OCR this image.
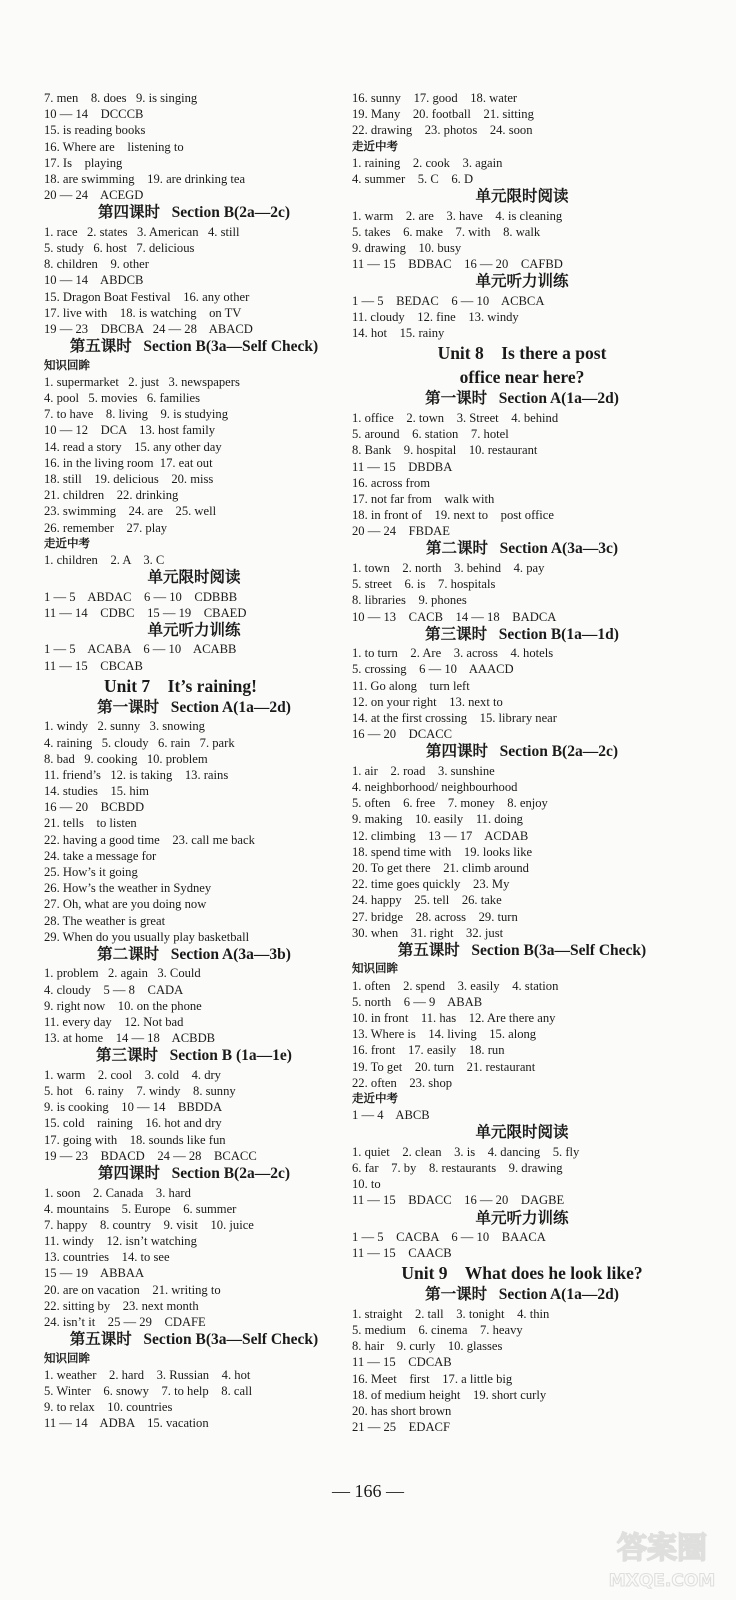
7. men    8. does   9. is singing
10 — 14    DCCCB
15. is reading books
16. Where are    listening to
17. Is    playing
18. are swimming    19. are drinking tea
20 — 24    ACEGD
第四课时   Section B(2a—2c)
1. race   2. states   3. American   4. still
5. study   6. host   7. delicious
8. children    9. other
10 — 14    ABDCB
15. Dragon Boat Festival    16. any other
17. live with    18. is watching    on TV
19 — 23    DBCBA   24 — 28    ABACD
第五课时   Section B(3a—Self Check)
知识回眸
1. supermarket   2. just   3. newspapers
4. pool   5. movies   6. families
7. to have    8. living    9. is studying
10 — 12    DCA    13. host family
14. read a story    15. any other day
16. in the living room  17. eat out
18. still    19. delicious    20. miss
21. children    22. drinking
23. swimming    24. are    25. well
26. remember    27. play
走近中考
1. children    2. A    3. C
单元限时阅读
1 — 5    ABDAC    6 — 10    CDBBB
11 — 14    CDBC    15 — 19    CBAED
单元听力训练
1 — 5    ACABA    6 — 10    ACABB
11 — 15    CBCAB
Unit 7    It’s raining!
第一课时   Section A(1a—2d)
1. windy   2. sunny   3. snowing
4. raining   5. cloudy   6. rain   7. park
8. bad   9. cooking   10. problem
11. friend’s   12. is taking    13. rains
14. studies    15. him
16 — 20    BCBDD
21. tells    to listen
22. having a good time    23. call me back
24. take a message for
25. How’s it going
26. How’s the weather in Sydney
27. Oh, what are you doing now
28. The weather is great
29. When do you usually play basketball
第二课时   Section A(3a—3b)
1. problem   2. again   3. Could
4. cloudy    5 — 8    CADA
9. right now    10. on the phone
11. every day    12. Not bad
13. at home    14 — 18    ACBDB
第三课时   Section B (1a—1e)
1. warm    2. cool    3. cold    4. dry
5. hot    6. rainy    7. windy    8. sunny
9. is cooking    10 — 14    BBDDA
15. cold    raining    16. hot and dry
17. going with    18. sounds like fun
19 — 23    BDACD    24 — 28    BCACC
第四课时   Section B(2a—2c)
1. soon    2. Canada    3. hard
4. mountains    5. Europe    6. summer
7. happy    8. country    9. visit    10. juice
11. windy    12. isn’t watching
13. countries    14. to see
15 — 19    ABBAA
20. are on vacation    21. writing to
22. sitting by    23. next month
24. isn’t it    25 — 29    CDAFE
第五课时   Section B(3a—Self Check)
知识回眸
1. weather    2. hard    3. Russian    4. hot
5. Winter    6. snowy    7. to help    8. call
9. to relax    10. countries
11 — 14    ADBA    15. vacation
16. sunny    17. good    18. water
19. Many    20. football    21. sitting
22. drawing    23. photos    24. soon
走近中考
1. raining    2. cook    3. again
4. summer    5. C    6. D
单元限时阅读
1. warm    2. are    3. have    4. is cleaning
5. takes    6. make    7. with    8. walk
9. drawing    10. busy
11 — 15    BDBAC    16 — 20    CAFBD
单元听力训练
1 — 5    BEDAC    6 — 10    ACBCA
11. cloudy    12. fine    13. windy
14. hot    15. rainy
Unit 8    Is there a post
office near here?
第一课时   Section A(1a—2d)
1. office    2. town    3. Street    4. behind
5. around    6. station    7. hotel
8. Bank    9. hospital    10. restaurant
11 — 15    DBDBA
16. across from
17. not far from    walk with
18. in front of    19. next to    post office
20 — 24    FBDAE
第二课时   Section A(3a—3c)
1. town    2. north    3. behind    4. pay
5. street    6. is    7. hospitals
8. libraries    9. phones
10 — 13    CACB    14 — 18    BADCA
第三课时   Section B(1a—1d)
1. to turn    2. Are    3. across    4. hotels
5. crossing    6 — 10    AAACD
11. Go along    turn left
12. on your right    13. next to
14. at the first crossing    15. library near
16 — 20    DCACC
第四课时   Section B(2a—2c)
1. air    2. road    3. sunshine
4. neighborhood/ neighbourhood
5. often    6. free    7. money    8. enjoy
9. making    10. easily    11. doing
12. climbing    13 — 17    ACDAB
18. spend time with    19. looks like
20. To get there    21. climb around
22. time goes quickly    23. My
24. happy    25. tell    26. take
27. bridge    28. across    29. turn
30. when    31. right    32. just
第五课时   Section B(3a—Self Check)
知识回眸
1. often    2. spend    3. easily    4. station
5. north    6 — 9    ABAB
10. in front    11. has    12. Are there any
13. Where is    14. living    15. along
16. front    17. easily    18. run
19. To get    20. turn    21. restaurant
22. often    23. shop
走近中考
1 — 4    ABCB
单元限时阅读
1. quiet    2. clean    3. is    4. dancing    5. fly
6. far    7. by    8. restaurants    9. drawing
10. to
11 — 15    BDACC    16 — 20    DAGBE
单元听力训练
1 — 5    CACBA    6 — 10    BAACA
11 — 15    CAACB
Unit 9    What does he look like?
第一课时   Section A(1a—2d)
1. straight    2. tall    3. tonight    4. thin
5. medium    6. cinema    7. heavy
8. hair    9. curly    10. glasses
11 — 15    CDCAB
16. Meet    first    17. a little big
18. of medium height    19. short curly
20. has short brown
21 — 25    EDACF
— 166 —
答案圈
MXQE.COM
